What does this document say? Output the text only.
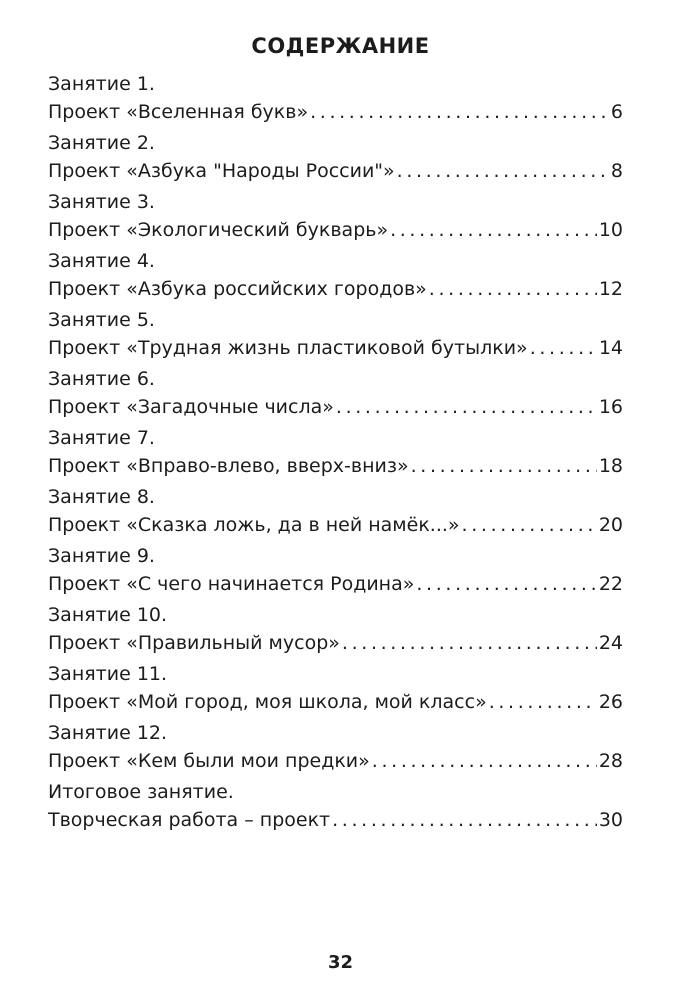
СОДЕРЖАНИЕ
Занятие 1.
Проект «Вселенная букв» . . .	6
Занятие 2.
Проект «Азбука "Народы России"» . . .	8
Занятие 3.
Проект «Экологический букварь» . . .	10
Занятие 4.
Проект «Азбука российских городов» . . .	12
Занятие 5.
Проект «Трудная жизнь пластиковой бутылки» . . .	14
Занятие 6.
Проект «Загадочные числа» . . .	16
Занятие 7.
Проект «Вправо-влево, вверх-вниз» . . .	18
Занятие 8.
Проект «Сказка ложь, да в ней намёк...» . . .	20
Занятие 9.
Проект «С чего начинается Родина» . . .	22
Занятие 10.
Проект «Правильный мусор» . . .	24
Занятие 11.
Проект «Мой город, моя школа, мой класс» . . .	26
Занятие 12.
Проект «Кем были мои предки» . . .	28
Итоговое занятие.
Творческая работа – проект . . .	30
32
